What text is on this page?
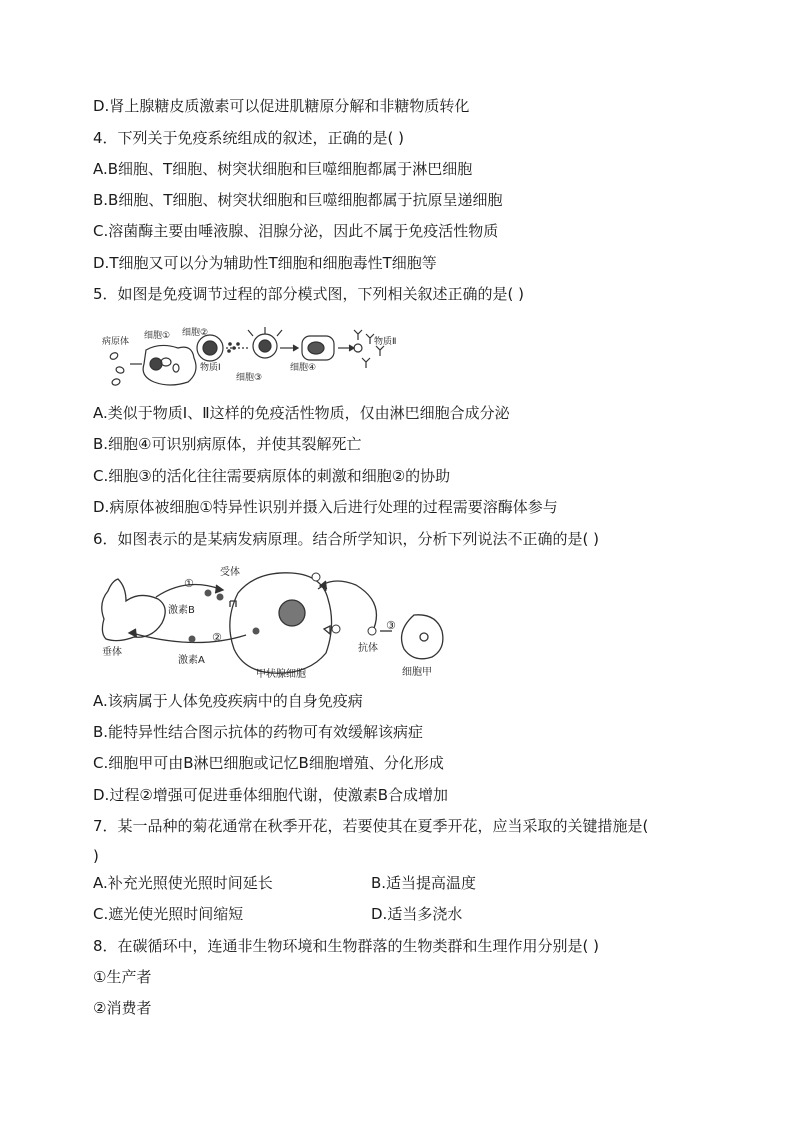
D.肾上腺糖皮质激素可以促进肌糖原分解和非糖物质转化
4．下列关于免疫系统组成的叙述，正确的是( )
A.B细胞、T细胞、树突状细胞和巨噬细胞都属于淋巴细胞
B.B细胞、T细胞、树突状细胞和巨噬细胞都属于抗原呈递细胞
C.溶菌酶主要由唾液腺、泪腺分泌，因此不属于免疫活性物质
D.T细胞又可以分为辅助性T细胞和细胞毒性T细胞等
5．如图是免疫调节过程的部分模式图，下列相关叙述正确的是( )
病原体
细胞① 细胞②
物质Ⅰ
细胞③
细胞④
物质Ⅱ
A.类似于物质Ⅰ、Ⅱ这样的免疫活性物质，仅由淋巴细胞合成分泌
B.细胞④可识别病原体，并使其裂解死亡
C.细胞③的活化往往需要病原体的刺激和细胞②的协助
D.病原体被细胞①特异性识别并摄入后进行处理的过程需要溶酶体参与
6．如图表示的是某病发病原理。结合所学知识，分析下列说法不正确的是( )
受体
①
激素B
②
激素A
垂体
甲状腺细胞
③
抗体
细胞甲
A.该病属于人体免疫疾病中的自身免疫病
B.能特异性结合图示抗体的药物可有效缓解该病症
C.细胞甲可由B淋巴细胞或记忆B细胞增殖、分化形成
D.过程②增强可促进垂体细胞代谢，使激素B合成增加
7．某一品种的菊花通常在秋季开花，若要使其在夏季开花，应当采取的关键措施是(
)
A.补充光照使光照时间延长	B.适当提高温度
C.遮光使光照时间缩短	D.适当多浇水
8．在碳循环中，连通非生物环境和生物群落的生物类群和生理作用分别是( )
①生产者
②消费者
